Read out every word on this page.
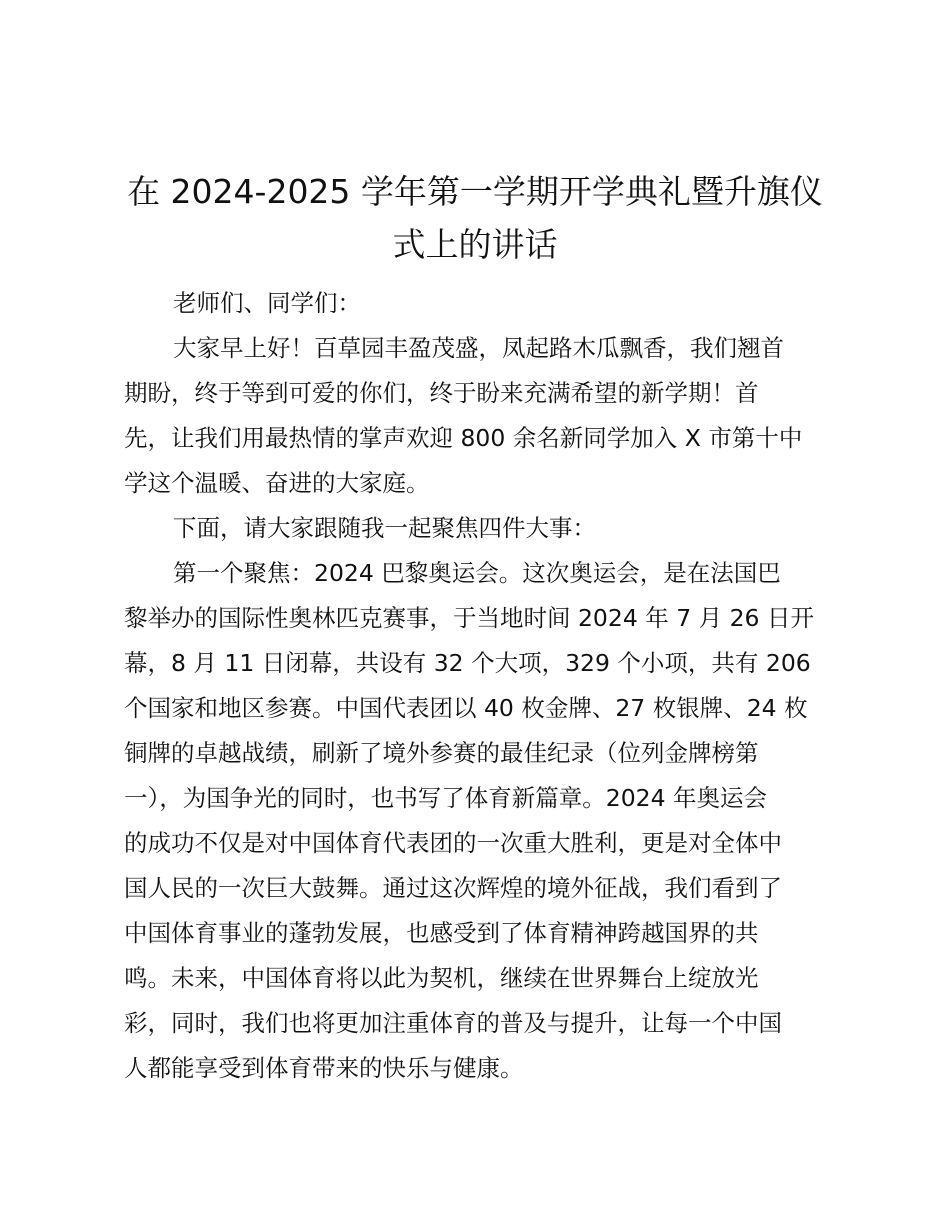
在 2024-2025 学年第一学期开学典礼暨升旗仪
式上的讲话
老师们、同学们：
大家早上好！百草园丰盈茂盛，凤起路木瓜飘香，我们翘首
期盼，终于等到可爱的你们，终于盼来充满希望的新学期！首
先，让我们用最热情的掌声欢迎 800 余名新同学加入 X 市第十中
学这个温暖、奋进的大家庭。
下面，请大家跟随我一起聚焦四件大事：
第一个聚焦：2024 巴黎奥运会。这次奥运会，是在法国巴
黎举办的国际性奥林匹克赛事，于当地时间 2024 年 7 月 26 日开
幕，8 月 11 日闭幕，共设有 32 个大项，329 个小项，共有 206
个国家和地区参赛。中国代表团以 40 枚金牌、27 枚银牌、24 枚
铜牌的卓越战绩，刷新了境外参赛的最佳纪录（位列金牌榜第
一），为国争光的同时，也书写了体育新篇章。2024 年奥运会
的成功不仅是对中国体育代表团的一次重大胜利，更是对全体中
国人民的一次巨大鼓舞。通过这次辉煌的境外征战，我们看到了
中国体育事业的蓬勃发展，也感受到了体育精神跨越国界的共
鸣。未来，中国体育将以此为契机，继续在世界舞台上绽放光
彩，同时，我们也将更加注重体育的普及与提升，让每一个中国
人都能享受到体育带来的快乐与健康。
